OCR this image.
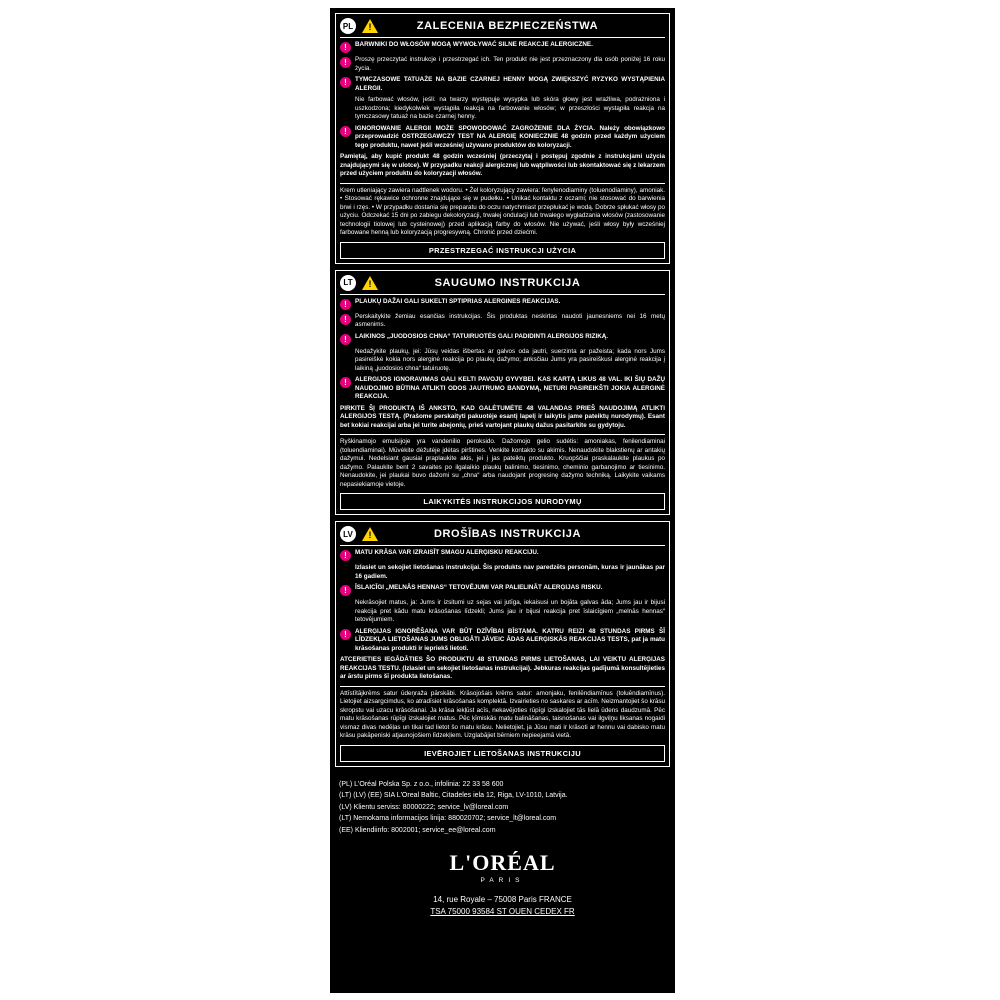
PL !	ZALECENIA BEZPIECZEŃSTWA
!	BARWNIKI DO WŁOSÓW MOGĄ WYWOŁYWAĆ SILNE REAKCJE ALERGICZNE.
!	Proszę przeczytać instrukcje i przestrzegać ich. Ten produkt nie jest przeznaczony dla osób poniżej 16 roku życia.
!	TYMCZASOWE TATUAŻE NA BAZIE CZARNEJ HENNY MOGĄ ZWIĘKSZYĆ RYZYKO WYSTĄPIENIA ALERGII.
Nie farbować włosów, jeśli: na twarzy występuje wysypka lub skóra głowy jest wrażliwa, podrażniona i uszkodzona; kiedykolwiek wystąpiła reakcja na farbowanie włosów; w przeszłości wystąpiła reakcja na tymczasowy tatuaż na bazie czarnej henny.
!	IGNOROWANIE ALERGII MOŻE SPOWODOWAĆ ZAGROŻENIE DLA ŻYCIA. Należy obowiązkowo przeprowadzić OSTRZEGAWCZY TEST NA ALERGIĘ KONIECZNIE 48 godzin przed każdym użyciem tego produktu, nawet jeśli wcześniej używano produktów do koloryzacji.

Pamiętaj, aby kupić produkt 48 godzin wcześniej (przeczytaj i postępuj zgodnie z instrukcjami użycia znajdującymi się w ulotce). W przypadku reakcji alergicznej lub wątpliwości lub skontaktować się z lekarzem przed użyciem produktu do koloryzacji włosów.

Krem utleniający zawiera nadtlenek wodoru. • Żel koloryzujący zawiera: fenylenodiaminy (toluenodiaminy), amoniak. • Stosować rękawice ochronne znajdujące się w pudełku. • Unikać kontaktu z oczami; nie stosować do barwienia brwi i rzęs. • W przypadku dostania się preparatu do oczu natychmiast przepłukać je wodą. Dobrze spłukać włosy po użyciu. Odczekać 15 dni po zabiegu dekoloryzacji, trwałej ondulacji lub trwałego wygładzania włosów (zastosowanie technologii tiolowej lub cysteinowej) przed aplikacją farby do włosów. Nie używać, jeśli włosy były wcześniej farbowane henną lub koloryzacją progresywną. Chronić przed dziećmi.

PRZESTRZEGAĆ INSTRUKCJI UŻYCIA
LT !	SAUGUMO INSTRUKCIJA
!	PLAUKŲ DAŽAI GALI SUKELTI SPTIPRIAS ALERGINES REAKCIJAS.
!	Perskaitykite žemiau esančias instrukcijas. Šis produktas neskirtas naudoti jaunesniems nei 16 metų asmenims.
!	LAIKINOS „JUODOSIOS CHNA“ TATUIRUOTĖS GALI PADIDINTI ALERGIJOS RIZIKĄ.
Nedažykite plaukų, jei: Jūsų veidas išbertas ar galvos oda jautri, suerzinta ar pažeista; kada nors Jums pasireiškė kokia nors alerginė reakcija po plaukų dažymo; anksčiau Jums yra pasireiškusi alerginė reakcija į laikiną „juodosios chna“ tatuiruotę.
!	ALERGIJOS IGNORAVIMAS GALI KELTI PAVOJŲ GYVYBEI. KAS KARTĄ LIKUS 48 VAL. IKI ŠIŲ DAŽŲ NAUDOJIMO BŪTINA ATLIKTI ODOS JAUTRUMO BANDYMĄ, NETURI PASIREIKŠTI JOKIA ALERGINĖ REAKCIJA.

PIRKITE ŠĮ PRODUKTĄ IŠ ANKSTO, KAD GALĖTUMĖTE 48 VALANDAS PRIEŠ NAUDOJIMĄ ATLIKTI ALERGIJOS TESTĄ. (Prašome perskaityti pakuotėje esantį lapelį ir laikytis jame pateiktų nurodymų). Esant bet kokiai reakcijai arba jei turite abejonių, prieš vartojant plaukų dažus pasitarkite su gydytoju.

Ryškinamojo emulsijoje yra vandenilio peroksido. Dažomojo gelio sudėtis: amoniakas, fenilendiaminai (toluendiaminai). Mūvėkite dėžutėje įdėtas pirštines. Venkite kontakto su akimis. Nenaudokite blakstienų ar antakių dažymui. Nedelsiant gausiai praplaukite akis, jei į jas pateiktų produkto. Kruopščiai praskalaukite plaukus po dažymo. Palaukite bent 2 savaites po ilgalaikio plaukų balinimo, tiesinimo, cheminio garbanojimo ar tiesinimo. Nenaudokite, jei plaukai buvo dažomi su „chna“ arba naudojant progresinę dažymo techniką. Laikykite vaikams nepasiekiamoje vietoje.

LAIKYKITĖS INSTRUKCIJOS NURODYMŲ
LV !	DROŠĪBAS INSTRUKCIJA
!	MATU KRĀSA VAR IZRAISĪT SMAGU ALERĢISKU REAKCIJU.
Izlasiet un sekojiet lietošanas instrukcijai. Šis produkts nav paredzēts personām, kuras ir jaunākas par 16 gadiem.
!	ĪSLAICĪGI „MELNĀS HENNAS“ TETOVĒJUMI VAR PALIELINĀT ALERĢIJAS RISKU.
Nekrāsojiet matus, ja: Jums ir izsitumi uz sejas vai jutīga, iekaisusi un bojāta galvas āda; Jums jau ir bijusi reakcija pret kādu matu krāsošanas līdzekli; Jums jau ir bijusi reakcija pret īslaicīgiem „melnās hennas“ tetovējumiem.
!	ALERĢIJAS IGNORĒŠANA VAR BŪT DZĪVĪBAI BĪSTAMA. KATRU REIZI 48 STUNDAS PIRMS ŠĪ LĪDZEKĻA LIETOŠANAS JUMS OBLIGĀTI JĀVEIC ĀDAS ALERĢISKĀS REAKCIJAS TESTS, pat ja matu krāsošanas produkti ir iepriekš lietoti.

ATCERIETIES IEGĀDĀTIES ŠO PRODUKTU 48 STUNDAS PIRMS LIETOŠANAS, LAI VEIKTU ALERĢIJAS REAKCIJAS TESTU. (Izlasiet un sekojiet lietošanas instrukcijai). Jebkuras reakcijas gadījumā konsultējieties ar ārstu pirms šī produkta lietošanas.

Attīstītājkrēms satur ūdeņraža pārskābi. Krāsojošais krēms satur: amonjaku, fenilēndiamīnus (toluēndiamīnus). Lietojiet aizsargcimdus, ko atradīsiet krāsošanas komplektā. Izvairieties no saskares ar acīm. Neizmantojiet šo krāsu skropstu vai uzacu krāsošanai. Ja krāsa iekļūst acīs, nekavējoties rūpīgi izskalojiet tās lielā ūdens daudzumā. Pēc matu krāsošanas rūpīgi izskalojiet matus. Pēc ķīmiskās matu balināšanas, taisnošanas vai ilgviļņu liksanas nogaidi vismaz divas nedēļas un tikai tad lietot šo matu krāsu. Nelietojiet, ja Jūsu mati ir krāsoti ar hennu vai dabisko matu krāsu pakāpeniski atjaunojošiem līdzekļiem. Uzglabājiet bērniem nepieejamā vietā.

IEVĒROJIET LIETOŠANAS INSTRUKCIJU
(PL) L'Oréal Polska Sp. z o.o., infolinia: 22 33 58 600
(LT) (LV) (EE) SIA L'Oreal Baltic, Citadeles iela 12, Riga, LV-1010, Latvija.
(LV) Klientu serviss: 80000222; service_lv@loreal.com
(LT) Nemokama informacijos linija: 880020702; service_lt@loreal.com
(EE) Kliendiinfo: 8002001; service_ee@loreal.com
L'ORÉAL
PARIS
14, rue Royale – 75008 Paris FRANCE
TSA 75000 93584 ST OUEN CEDEX FR
